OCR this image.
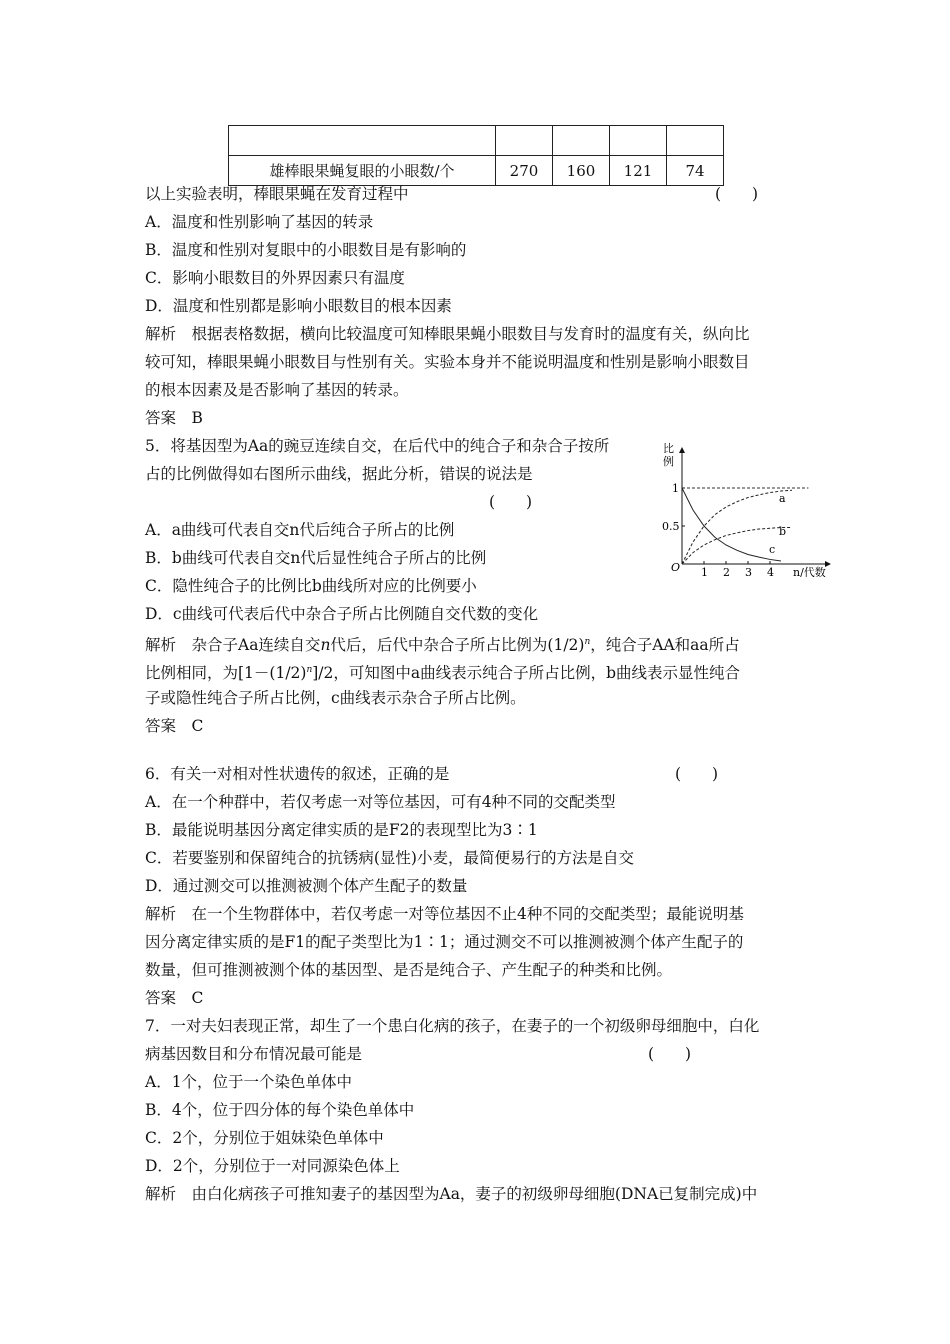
雄棒眼果蝇复眼的小眼数/个	270	160	121	74
以上实验表明，棒眼果蝇在发育过程中	(　　)
A．温度和性别影响了基因的转录
B．温度和性别对复眼中的小眼数目是有影响的
C．影响小眼数目的外界因素只有温度
D．温度和性别都是影响小眼数目的根本因素
解析　根据表格数据，横向比较温度可知棒眼果蝇小眼数目与发育时的温度有关，纵向比
较可知，棒眼果蝇小眼数目与性别有关。实验本身并不能说明温度和性别是影响小眼数目
的根本因素及是否影响了基因的转录。
答案　B
5．将基因型为Aa的豌豆连续自交，在后代中的纯合子和杂合子按所
占的比例做得如右图所示曲线，据此分析，错误的说法是
(　　)
A．a曲线可代表自交n代后纯合子所占的比例
B．b曲线可代表自交n代后显性纯合子所占的比例
C．隐性纯合子的比例比b曲线所对应的比例要小
D．c曲线可代表后代中杂合子所占比例随自交代数的变化
解析　杂合子Aa连续自交n代后，后代中杂合子所占比例为$(1/2)^n$，纯合子AA和aa所占
比例相同，为$[1-(1/2)^n]/2$，可知图中a曲线表示纯合子所占比例，b曲线表示显性纯合
子或隐性纯合子所占比例，c曲线表示杂合子所占比例。
答案　C
1 2 3 4
1
0.5
n/代数
a
b
c
比例
O
6．有关一对相对性状遗传的叙述，正确的是	(　　)
A．在一个种群中，若仅考虑一对等位基因，可有4种不同的交配类型
B．最能说明基因分离定律实质的是F2的表现型比为3∶1
C．若要鉴别和保留纯合的抗锈病(显性)小麦，最简便易行的方法是自交
D．通过测交可以推测被测个体产生配子的数量
解析　在一个生物群体中，若仅考虑一对等位基因不止4种不同的交配类型；最能说明基
因分离定律实质的是F1的配子类型比为1∶1；通过测交不可以推测被测个体产生配子的
数量，但可推测被测个体的基因型、是否是纯合子、产生配子的种类和比例。
答案　C
7．一对夫妇表现正常，却生了一个患白化病的孩子，在妻子的一个初级卵母细胞中，白化
病基因数目和分布情况最可能是	(　　)
A．1个，位于一个染色单体中
B．4个，位于四分体的每个染色单体中
C．2个，分别位于姐妹染色单体中
D．2个，分别位于一对同源染色体上
解析　由白化病孩子可推知妻子的基因型为Aa，妻子的初级卵母细胞(DNA已复制完成)中
